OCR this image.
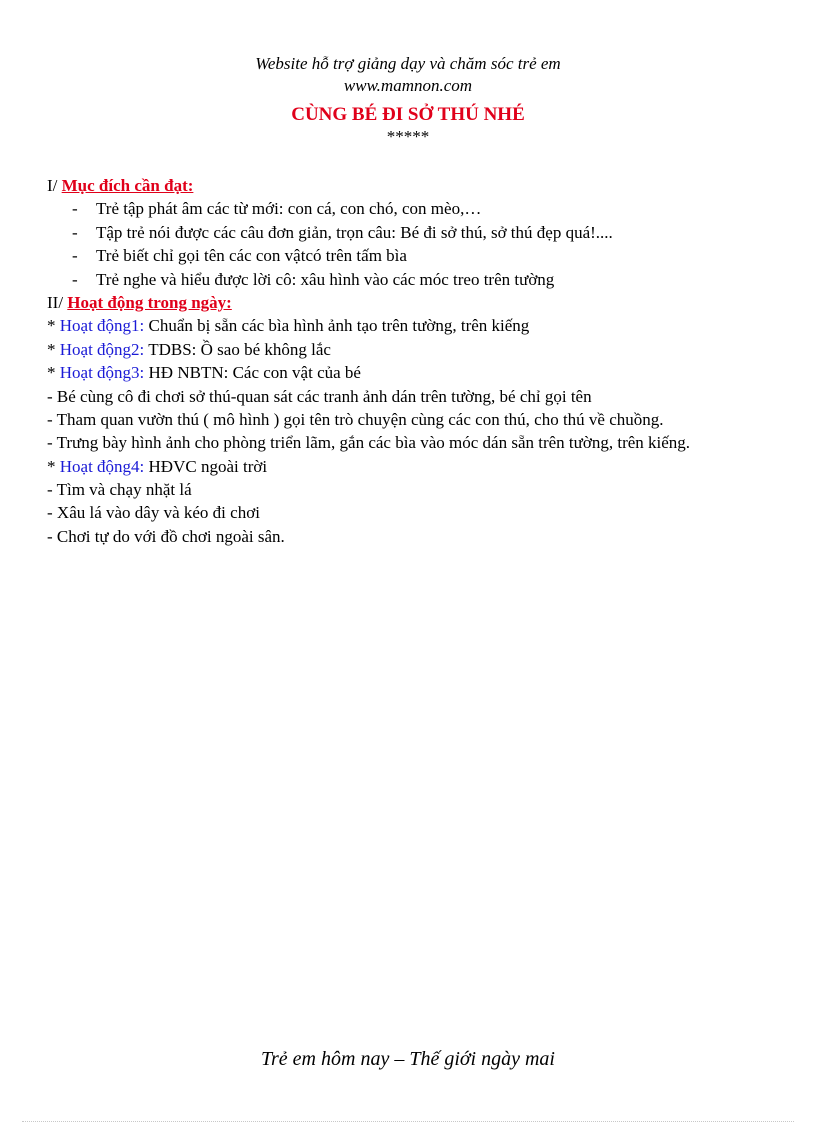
Website hỗ trợ giảng dạy và chăm sóc trẻ em
www.mamnon.com
CÙNG BÉ ĐI SỞ THÚ NHÉ
*****
I/ Mục đích cần đạt:
- Trẻ tập phát âm các từ mới: con cá, con chó, con mèo,…
- Tập trẻ nói được các câu đơn giản, trọn câu: Bé đi sở thú, sở thú đẹp quá!....
- Trẻ biết chỉ gọi tên các con vậtcó trên tấm bìa
- Trẻ nghe và hiểu được lời cô: xâu hình vào các móc treo trên tường
II/ Hoạt động trong ngày:
* Hoạt động1: Chuẩn bị sẵn các bìa hình ảnh tạo trên tường, trên kiếng
* Hoạt động2: TDBS: Ồ sao bé không lắc
* Hoạt động3: HĐ NBTN: Các con vật của bé
- Bé cùng cô đi chơi sở thú-quan sát các tranh ảnh dán trên tường, bé chỉ gọi tên
- Tham quan vườn thú ( mô hình ) gọi tên trò chuyện cùng các con thú, cho thú về chuồng.
- Trưng bày hình ảnh cho phòng triển lãm, gắn các bìa vào móc dán sẵn trên tường, trên kiếng.
* Hoạt động4: HĐVC ngoài trời
- Tìm và chạy nhặt lá
- Xâu lá vào dây và kéo đi chơi
- Chơi tự do với đồ chơi ngoài sân.
Trẻ em hôm nay – Thế giới ngày mai
